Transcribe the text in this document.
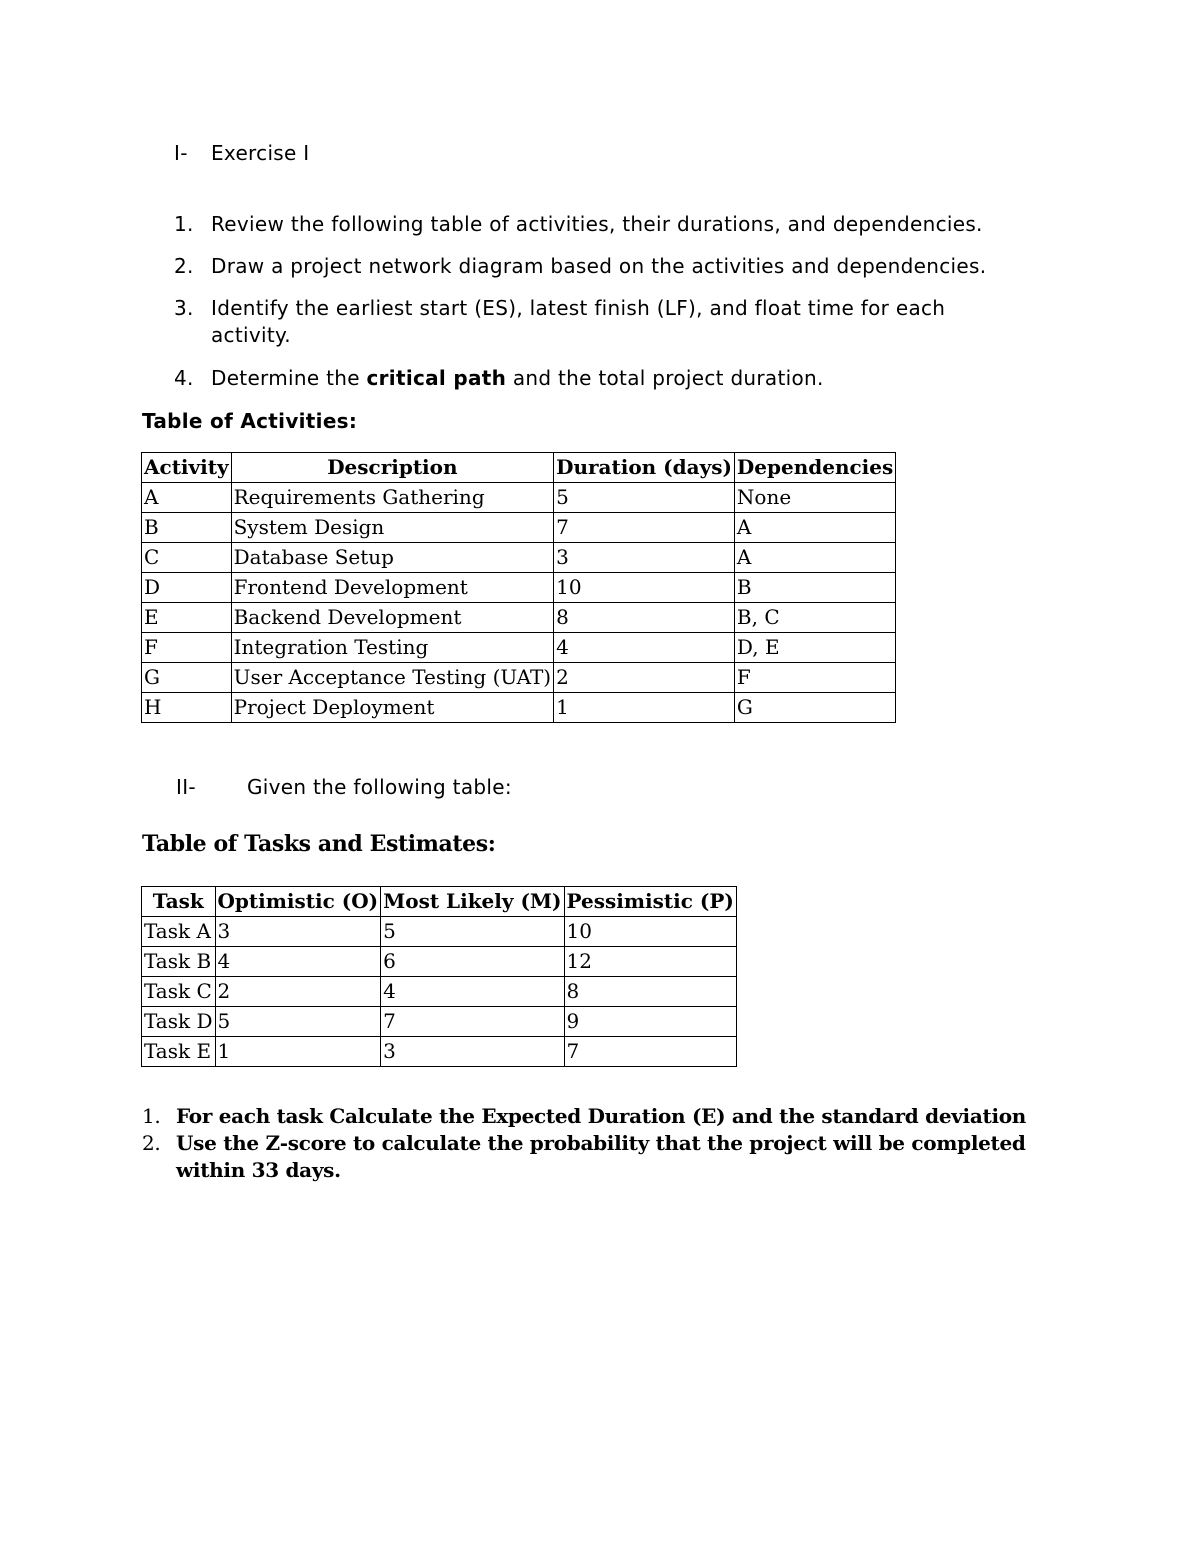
I- Exercise I
1. Review the following table of activities, their durations, and dependencies.
2. Draw a project network diagram based on the activities and dependencies.
3. Identify the earliest start (ES), latest finish (LF), and float time for each activity.
4. Determine the critical path and the total project duration.
Table of Activities:
Activity	Description	Duration (days)	Dependencies
A	Requirements Gathering	5	None
B	System Design	7	A
C	Database Setup	3	A
D	Frontend Development	10	B
E	Backend Development	8	B, C
F	Integration Testing	4	D, E
G	User Acceptance Testing (UAT)	2	F
H	Project Deployment	1	G
II-	Given the following table:
Table of Tasks and Estimates:
Task	Optimistic (O)	Most Likely (M)	Pessimistic (P)
Task A	3	5	10
Task B	4	6	12
Task C	2	4	8
Task D	5	7	9
Task E	1	3	7
1. For each task Calculate the Expected Duration (E) and the standard deviation
2. Use the Z-score to calculate the probability that the project will be completed within 33 days.
